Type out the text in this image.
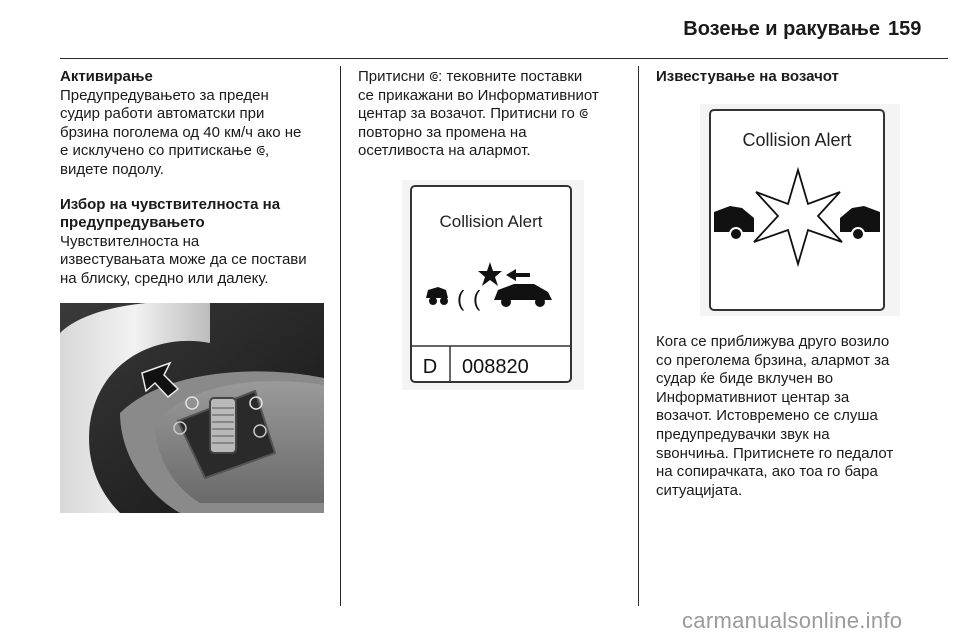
Возење и ракување 159

Активирање

Предупредувањето за преден

судир работи автоматски при

брзина поголема од 40 км/ч ако не

е исклучено со притискање ⟃,

видете подолу.

Избор на чувствителноста на

предупредувањето

Чувствителноста на

известувањата може да се постави

на блиску, средно или далеку.

Притисни ⟃: тековните поставки

се прикажани во Информативниот

центар за возачот. Притисни го ⟃

повторно за промена на

осетливоста на алармот.

Collision Alert
( (
D 008820

Известување на возачот

Collision Alert

Кога се приближува друго возило

со преголема брзина, алармот за

судар ќе биде вклучен во

Информативниот центар за

возачот. Истовремено се слуша

предупредувачки звук на

ѕвончиња. Притиснете го педалот

на сопирачката, ако тоа го бара

ситуацијата.

carmanualsonline.info
